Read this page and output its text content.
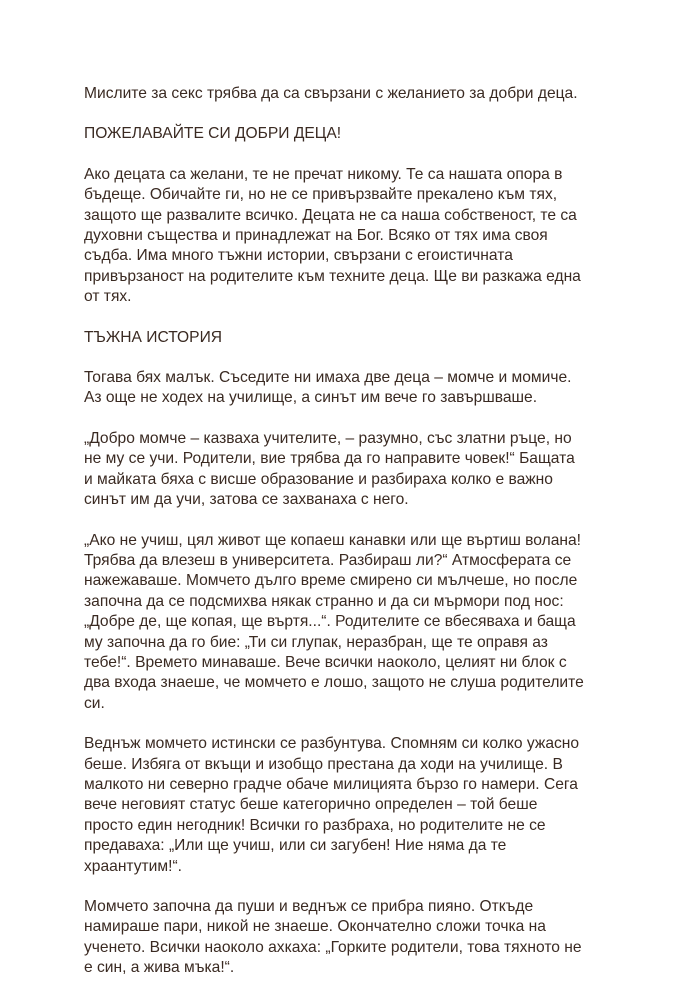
Мислите за секс трябва да са свързани с желанието за добри деца.

ПОЖЕЛАВАЙТЕ СИ ДОБРИ ДЕЦА!

Ако децата са желани, те не пречат никому. Те са нашата опора в
бъдеще. Обичайте ги, но не се привързвайте прекалено към тях,
защото ще развалите всичко. Децата не са наша собственост, те са
духовни същества и принадлежат на Бог. Всяко от тях има своя
съдба. Има много тъжни истории, свързани с егоистичната
привързаност на родителите към техните деца. Ще ви разкажа една
от тях.

ТЪЖНА ИСТОРИЯ

Тогава бях малък. Съседите ни имаха две деца – момче и момиче.
Аз още не ходех на училище, а синът им вече го завършваше.

„Добро момче – казваха учителите, – разумно, със златни ръце, но
не му се учи. Родители, вие трябва да го направите човек!“ Бащата
и майката бяха с висше образование и разбираха колко е важно
синът им да учи, затова се захванаха с него.

„Ако не учиш, цял живот ще копаеш канавки или ще въртиш волана!
Трябва да влезеш в университета. Разбираш ли?“ Атмосферата се
нажежаваше. Момчето дълго време смирено си мълчеше, но после
започна да се подсмихва някак странно и да си мърмори под нос:
„Добре де, ще копая, ще въртя...“. Родителите се вбесяваха и баща
му започна да го бие: „Ти си глупак, неразбран, ще те оправя аз
тебе!“. Времето минаваше. Вече всички наоколо, целият ни блок с
два входа знаеше, че момчето е лошо, защото не слуша родителите
си.

Веднъж момчето истински се разбунтува. Спомням си колко ужасно
беше. Избяга от вкъщи и изобщо престана да ходи на училище. В
малкото ни северно градче обаче милицията бързо го намери. Сега
вече неговият статус беше категорично определен – той беше
просто един негодник! Всички го разбраха, но родителите не се
предаваха: „Или ще учиш, или си загубен! Ние няма да те
храантутим!“.

Момчето започна да пуши и веднъж се прибра пияно. Откъде
намираше пари, никой не знаеше. Окончателно сложи точка на
ученето. Всички наоколо ахкаха: „Горките родители, това тяхното не
е син, а жива мъка!“.
